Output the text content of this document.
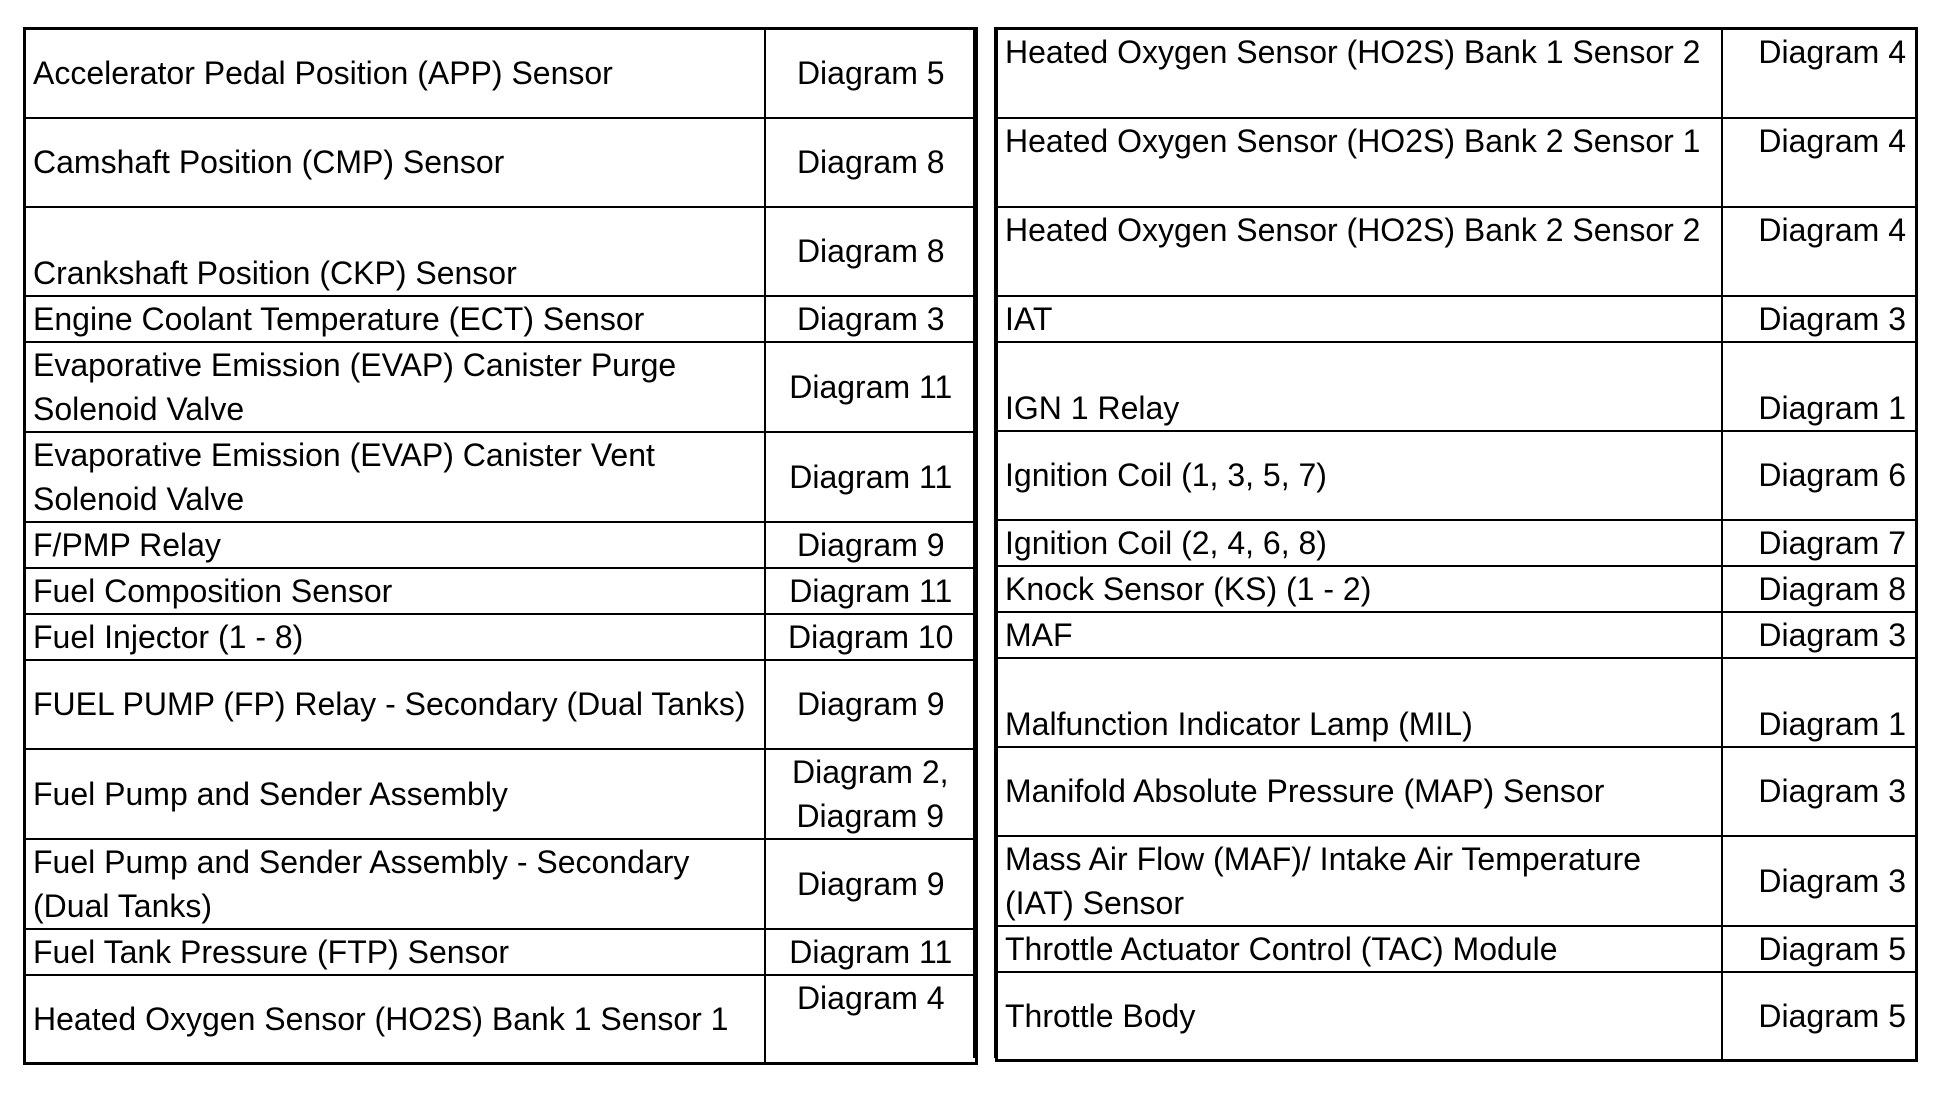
Accelerator Pedal Position (APP) Sensor	Diagram 5
Camshaft Position (CMP) Sensor	Diagram 8
Crankshaft Position (CKP) Sensor	Diagram 8
Engine Coolant Temperature (ECT) Sensor	Diagram 3
Evaporative Emission (EVAP) Canister Purge Solenoid Valve	Diagram 11
Evaporative Emission (EVAP) Canister Vent Solenoid Valve	Diagram 11
F/PMP Relay	Diagram 9
Fuel Composition Sensor	Diagram 11
Fuel Injector (1 - 8)	Diagram 10
FUEL PUMP (FP) Relay - Secondary (Dual Tanks)	Diagram 9
Fuel Pump and Sender Assembly	Diagram 2, Diagram 9
Fuel Pump and Sender Assembly - Secondary (Dual Tanks)	Diagram 9
Fuel Tank Pressure (FTP) Sensor	Diagram 11
Heated Oxygen Sensor (HO2S) Bank 1 Sensor 1	Diagram 4
Heated Oxygen Sensor (HO2S) Bank 1 Sensor 2	Diagram 4
Heated Oxygen Sensor (HO2S) Bank 2 Sensor 1	Diagram 4
Heated Oxygen Sensor (HO2S) Bank 2 Sensor 2	Diagram 4
IAT	Diagram 3
IGN 1 Relay	Diagram 1
Ignition Coil (1, 3, 5, 7)	Diagram 6
Ignition Coil (2, 4, 6, 8)	Diagram 7
Knock Sensor (KS) (1 - 2)	Diagram 8
MAF	Diagram 3
Malfunction Indicator Lamp (MIL)	Diagram 1
Manifold Absolute Pressure (MAP) Sensor	Diagram 3
Mass Air Flow (MAF)/ Intake Air Temperature (IAT) Sensor	Diagram 3
Throttle Actuator Control (TAC) Module	Diagram 5
Throttle Body	Diagram 5
